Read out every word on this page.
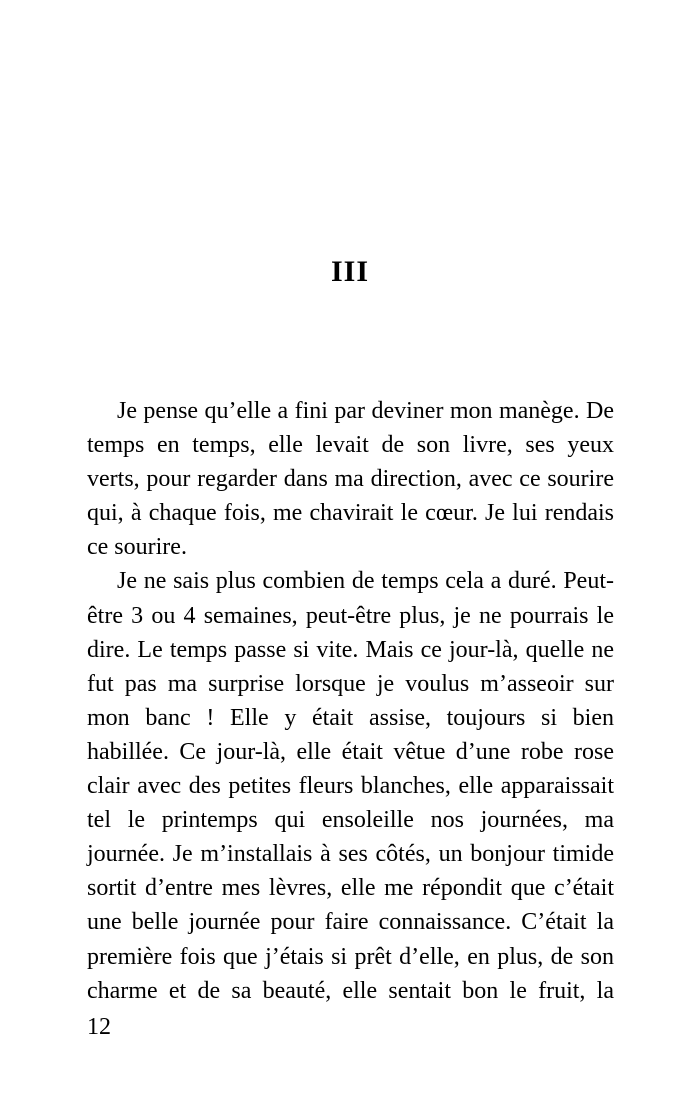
III
Je pense qu’elle a fini par deviner mon manège. De
temps en temps, elle levait de son livre, ses yeux
verts, pour regarder dans ma direction, avec ce sourire
qui, à chaque fois, me chavirait le cœur. Je lui rendais
ce sourire.
Je ne sais plus combien de temps cela a duré. Peut-
être 3 ou 4 semaines, peut-être plus, je ne pourrais le
dire. Le temps passe si vite. Mais ce jour-là, quelle ne
fut pas ma surprise lorsque je voulus m’asseoir sur
mon banc ! Elle y était assise, toujours si bien
habillée. Ce jour-là, elle était vêtue d’une robe rose
clair avec des petites fleurs blanches, elle apparaissait
tel le printemps qui ensoleille nos journées, ma
journée. Je m’installais à ses côtés, un bonjour timide
sortit d’entre mes lèvres, elle me répondit que c’était
une belle journée pour faire connaissance. C’était la
première fois que j’étais si prêt d’elle, en plus, de son
charme et de sa beauté, elle sentait bon le fruit, la
12
